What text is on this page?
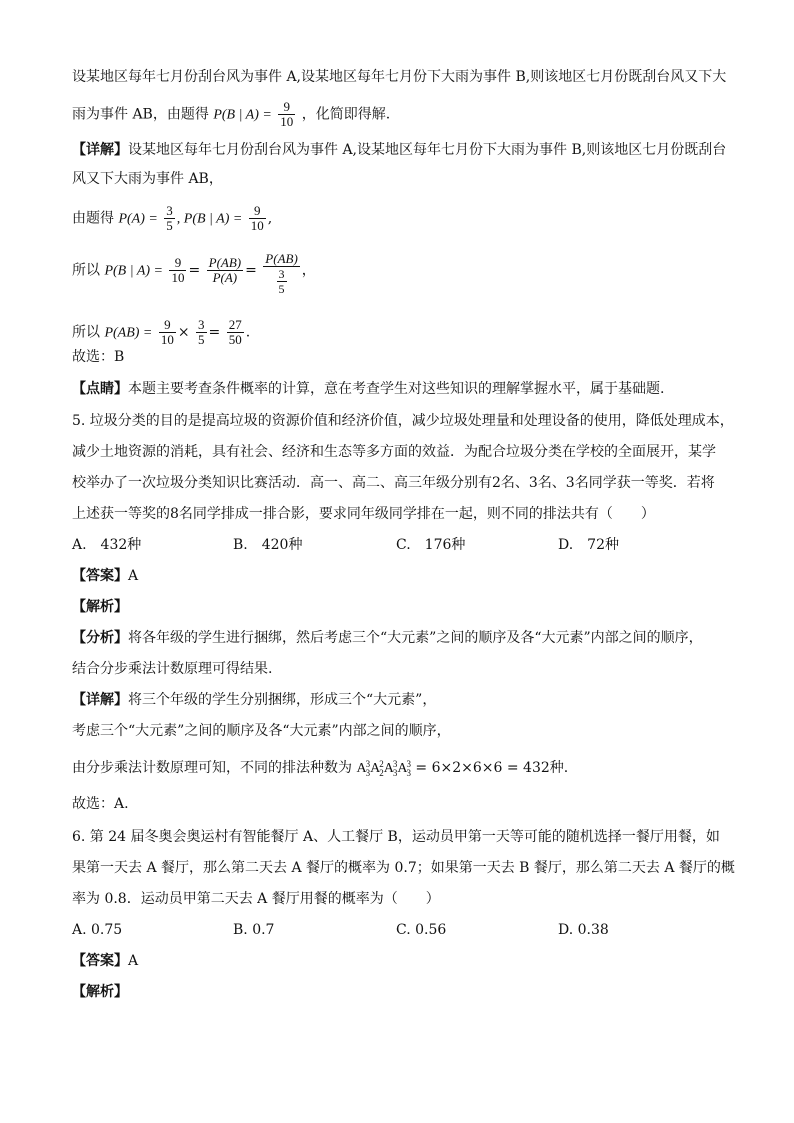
设某地区每年七月份刮台风为事件 A,设某地区每年七月份下大雨为事件 B,则该地区七月份既刮台风又下大
雨为事件 AB，由题得 P(B | $A) = \frac{9}{10}$ ，化简即得解.
【详解】设某地区每年七月份刮台风为事件 A,设某地区每年七月份下大雨为事件 B,则该地区七月份既刮台
风又下大雨为事件 AB，
由题得 $P(A) = \frac{3}{5}$ , P(B | $A) = \frac{9}{10}$ ,
所以 P(B | $A) = \frac{9}{10} = \frac{P(AB)}{P(A)} = \frac{P(AB)}{\frac{3}{5}}$ ，
所以 $P(AB) = \frac{9}{10} \times \frac{3}{5} = \frac{27}{50}$ .
故选：B
【点睛】本题主要考查条件概率的计算，意在考查学生对这些知识的理解掌握水平，属于基础题.
5. 垃圾分类的目的是提高垃圾的资源价值和经济价值，减少垃圾处理量和处理设备的使用，降低处理成本，
减少土地资源的消耗，具有社会、经济和生态等多方面的效益．为配合垃圾分类在学校的全面展开，某学
校举办了一次垃圾分类知识比赛活动．高一、高二、高三年级分别有2名、3名、3名同学获一等奖．若将
上述获一等奖的8名同学排成一排合影，要求同年级同学排在一起，则不同的排法共有（　　）
A.　432种	B.　420种	C.　176种	D.　72种
【答案】A
【解析】
【分析】将各年级的学生进行捆绑，然后考虑三个“大元素”之间的顺序及各“大元素”内部之间的顺序，
结合分步乘法计数原理可得结果.
【详解】将三个年级的学生分别捆绑，形成三个“大元素”，
考虑三个“大元素”之间的顺序及各“大元素”内部之间的顺序，
由分步乘法计数原理可知，不同的排法种数为 A 3
3 A 2
2 A 3
3 A 3
3 = 6×2×6×6 = 432种.
故选：A.
6. 第 24 届冬奥会奥运村有智能餐厅 A、人工餐厅 B，运动员甲第一天等可能的随机选择一餐厅用餐，如
果第一天去 A 餐厅，那么第二天去 A 餐厅的概率为 0.7；如果第一天去 B 餐厅，那么第二天去 A 餐厅的概
率为 0.8．运动员甲第二天去 A 餐厅用餐的概率为（　　）
A. 0.75	B. 0.7	C. 0.56	D. 0.38
【答案】A
【解析】
